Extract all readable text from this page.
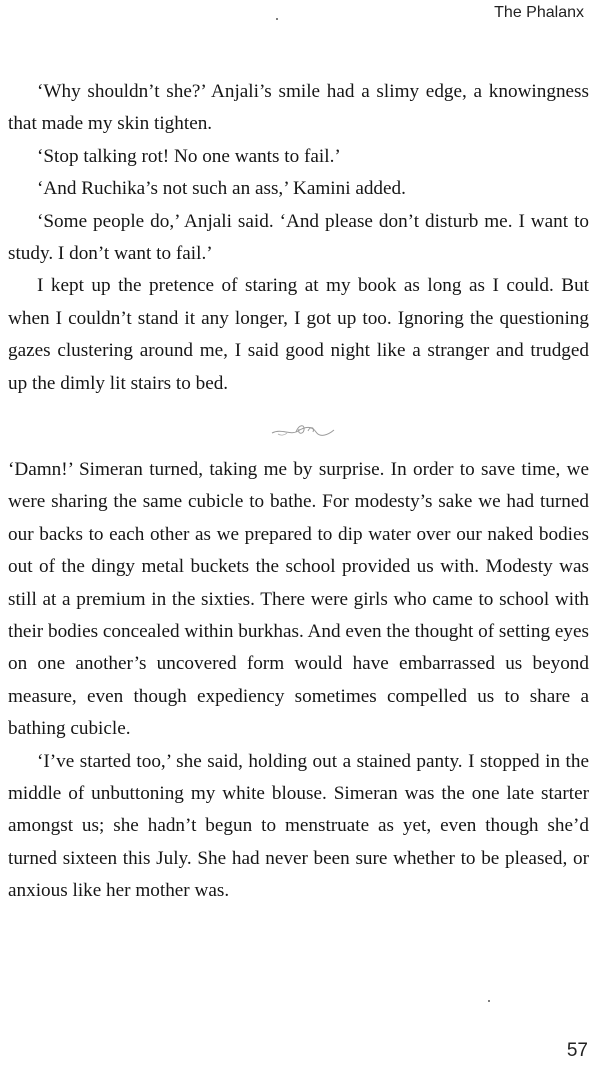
The Phalanx

‘Why shouldn’t she?’ Anjali’s smile had a slimy edge, a knowingness that made my skin tighten.

‘Stop talking rot! No one wants to fail.’

‘And Ruchika’s not such an ass,’ Kamini added.

‘Some people do,’ Anjali said. ‘And please don’t disturb me. I want to study. I don’t want to fail.’

I kept up the pretence of staring at my book as long as I could. But when I couldn’t stand it any longer, I got up too. Ignoring the questioning gazes clustering around me, I said good night like a stranger and trudged up the dimly lit stairs to bed.

‘Damn!’ Simeran turned, taking me by surprise. In order to save time, we were sharing the same cubicle to bathe. For modesty’s sake we had turned our backs to each other as we prepared to dip water over our naked bodies out of the dingy metal buckets the school provided us with. Modesty was still at a premium in the sixties. There were girls who came to school with their bodies concealed within burkhas. And even the thought of setting eyes on one another’s uncovered form would have embarrassed us beyond measure, even though expediency sometimes compelled us to share a bathing cubicle.

‘I’ve started too,’ she said, holding out a stained panty. I stopped in the middle of unbuttoning my white blouse. Simeran was the one late starter amongst us; she hadn’t begun to menstruate as yet, even though she’d turned sixteen this July. She had never been sure whether to be pleased, or anxious like her mother was.

57
